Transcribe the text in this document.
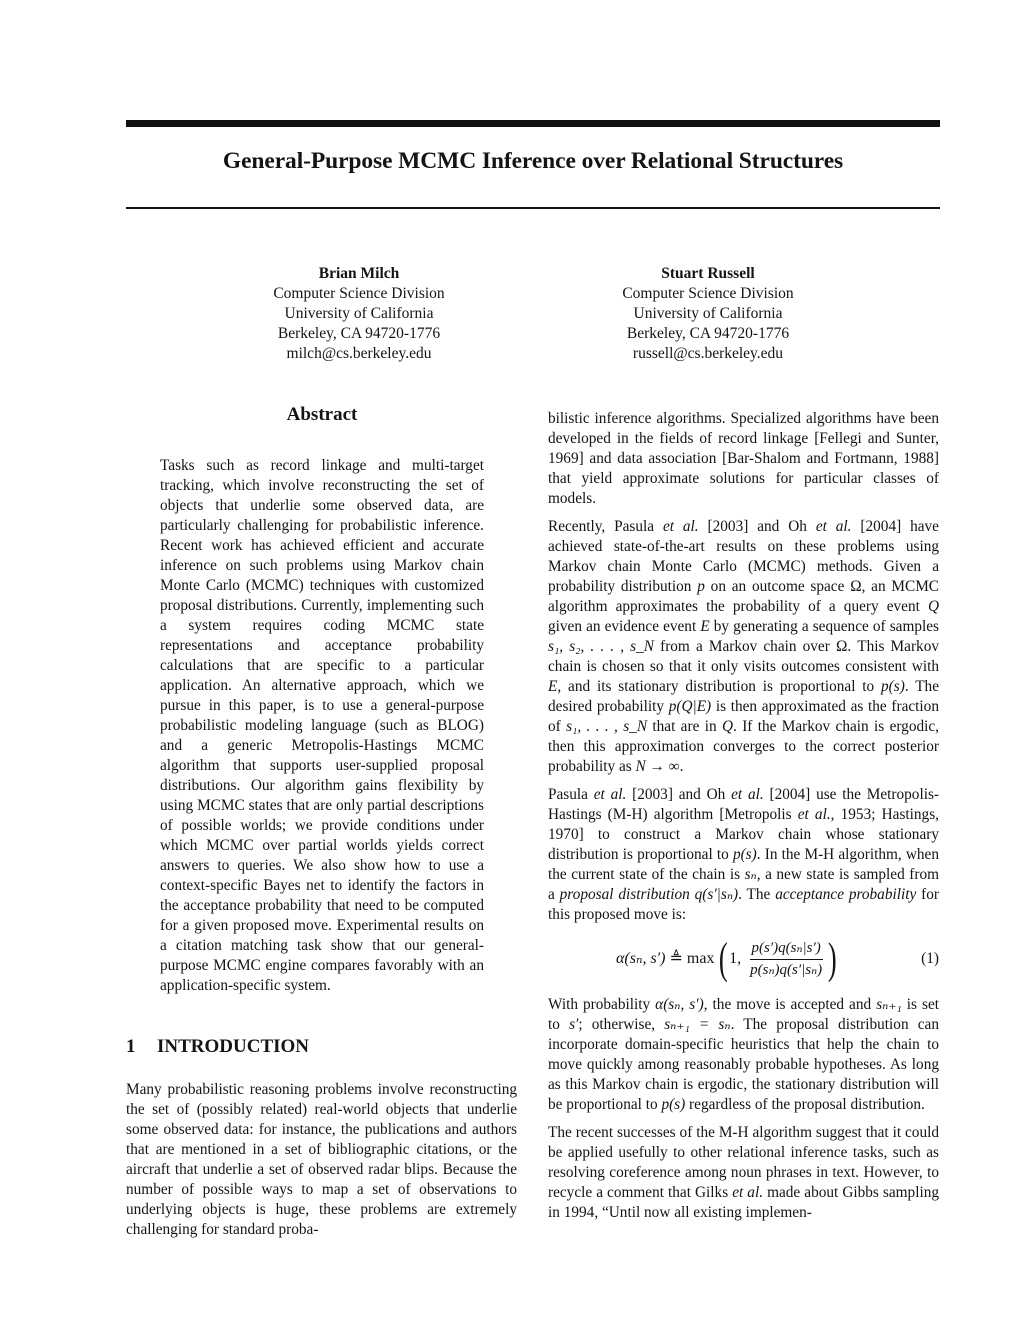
General-Purpose MCMC Inference over Relational Structures
Brian Milch
Computer Science Division
University of California
Berkeley, CA 94720-1776
milch@cs.berkeley.edu
Stuart Russell
Computer Science Division
University of California
Berkeley, CA 94720-1776
russell@cs.berkeley.edu
Abstract

Tasks such as record linkage and multi-target tracking, which involve reconstructing the set of objects that underlie some observed data, are particularly challenging for probabilistic inference. Recent work has achieved efficient and accurate inference on such problems using Markov chain Monte Carlo (MCMC) techniques with customized proposal distributions. Currently, implementing such a system requires coding MCMC state representations and acceptance probability calculations that are specific to a particular application. An alternative approach, which we pursue in this paper, is to use a general-purpose probabilistic modeling language (such as BLOG) and a generic Metropolis-Hastings MCMC algorithm that supports user-supplied proposal distributions. Our algorithm gains flexibility by using MCMC states that are only partial descriptions of possible worlds; we provide conditions under which MCMC over partial worlds yields correct answers to queries. We also show how to use a context-specific Bayes net to identify the factors in the acceptance probability that need to be computed for a given proposed move. Experimental results on a citation matching task show that our general-purpose MCMC engine compares favorably with an application-specific system.

1 INTRODUCTION

Many probabilistic reasoning problems involve reconstructing the set of (possibly related) real-world objects that underlie some observed data: for instance, the publications and authors that are mentioned in a set of bibliographic citations, or the aircraft that underlie a set of observed radar blips. Because the number of possible ways to map a set of observations to underlying objects is huge, these problems are extremely challenging for standard proba-

bilistic inference algorithms. Specialized algorithms have been developed in the fields of record linkage [Fellegi and Sunter, 1969] and data association [Bar-Shalom and Fortmann, 1988] that yield approximate solutions for particular classes of models.

Recently, Pasula et al. [2003] and Oh et al. [2004] have achieved state-of-the-art results on these problems using Markov chain Monte Carlo (MCMC) methods. Given a probability distribution p on an outcome space Ω, an MCMC algorithm approximates the probability of a query event Q given an evidence event E by generating a sequence of samples s₁, s₂, . . . , s_N from a Markov chain over Ω. This Markov chain is chosen so that it only visits outcomes consistent with E, and its stationary distribution is proportional to p(s). The desired probability p(Q|E) is then approximated as the fraction of s₁, . . . , s_N that are in Q. If the Markov chain is ergodic, then this approximation converges to the correct posterior probability as N → ∞.

Pasula et al. [2003] and Oh et al. [2004] use the Metropolis-Hastings (M-H) algorithm [Metropolis et al., 1953; Hastings, 1970] to construct a Markov chain whose stationary distribution is proportional to p(s). In the M-H algorithm, when the current state of the chain is sₙ, a new state is sampled from a proposal distribution q(s′|sₙ). The acceptance probability for this proposed move is:

α(sₙ, s′)
≜
max
( 1,
$\frac{\text{p(s′)q(sₙ|s′)}}{\text{p(sₙ)q(s′|sₙ)}}$ )	(1)

With probability α(sₙ, s′), the move is accepted and sₙ₊₁ is set to s′; otherwise, sₙ₊₁ = sₙ. The proposal distribution can incorporate domain-specific heuristics that help the chain to move quickly among reasonably probable hypotheses. As long as this Markov chain is ergodic, the stationary distribution will be proportional to p(s) regardless of the proposal distribution.

The recent successes of the M-H algorithm suggest that it could be applied usefully to other relational inference tasks, such as resolving coreference among noun phrases in text. However, to recycle a comment that Gilks et al. made about Gibbs sampling in 1994, “Until now all existing implemen-
